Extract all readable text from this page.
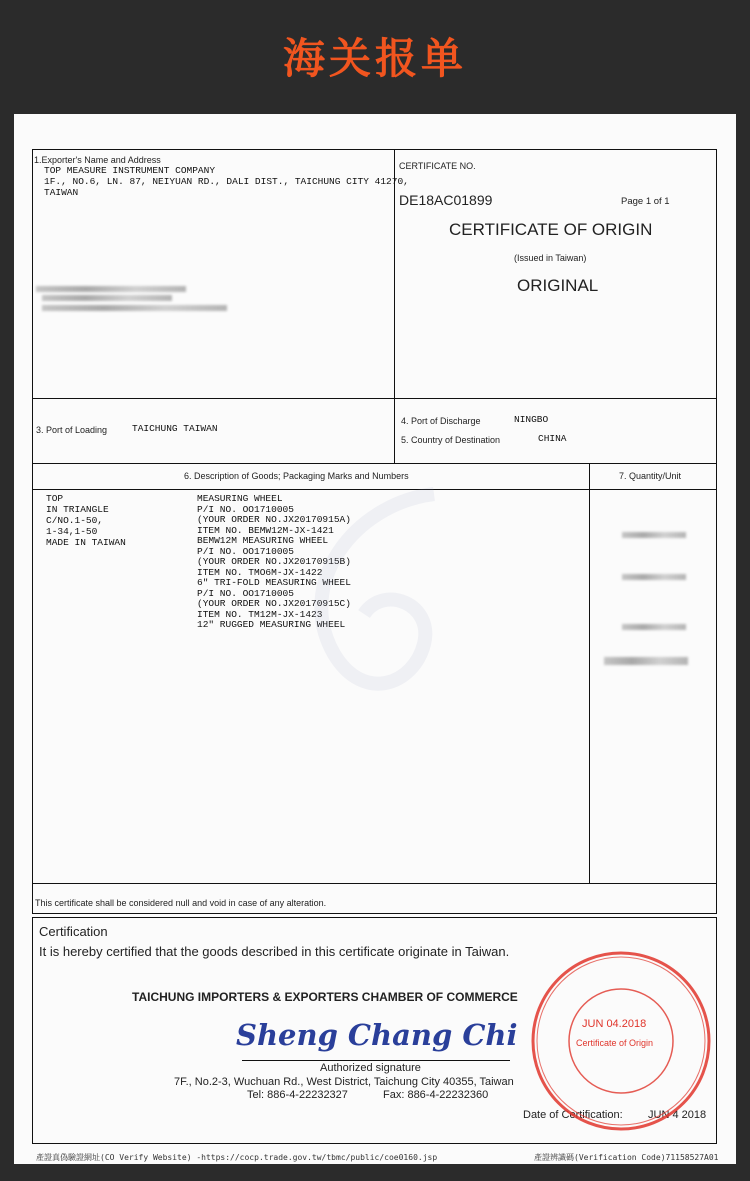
海关报单
1.Exporter's Name and Address
TOP MEASURE INSTRUMENT COMPANY
1F., NO.6, LN. 87, NEIYUAN RD., DALI DIST., TAICHUNG CITY 41270,
TAIWAN
CERTIFICATE NO.
DE18AC01899	Page 1 of 1
CERTIFICATE OF ORIGIN
(Issued in Taiwan)
ORIGINAL
3. Port of Loading	TAICHUNG TAIWAN
4. Port of Discharge	NINGBO
5. Country of Destination	CHINA
6. Description of Goods; Packaging Marks and Numbers	7. Quantity/Unit
TOP
IN TRIANGLE
C/NO.1-50,
1-34,1-50
MADE IN TAIWAN
MEASURING WHEEL
P/I NO. OO1710005
(YOUR ORDER NO.JX20170915A)
ITEM NO. BEMW12M-JX-1421
BEMW12M MEASURING WHEEL
P/I NO. OO1710005
(YOUR ORDER NO.JX20170915B)
ITEM NO. TMO6M-JX-1422
6" TRI-FOLD MEASURING WHEEL
P/I NO. OO1710005
(YOUR ORDER NO.JX20170915C)
ITEM NO. TM12M-JX-1423
12" RUGGED MEASURING WHEEL
This certificate shall be considered null and void in case of any alteration.
Certification
It is hereby certified that the goods described in this certificate originate in Taiwan.
TAICHUNG IMPORTERS & EXPORTERS CHAMBER OF COMMERCE
Sheng Chang Chi
Authorized signature
7F., No.2-3, Wuchuan Rd., West District, Taichung City 40355, Taiwan
Tel: 886-4-22232327	Fax: 886-4-22232360
Date of Certification: JUN 4 2018
JUN 04.2018
Certificate of Origin
產證真偽驗證網址(CO Verify Website) -https://cocp.trade.gov.tw/tbmc/public/coe0160.jsp	產證辨識碼(Verification Code)71158527A01
